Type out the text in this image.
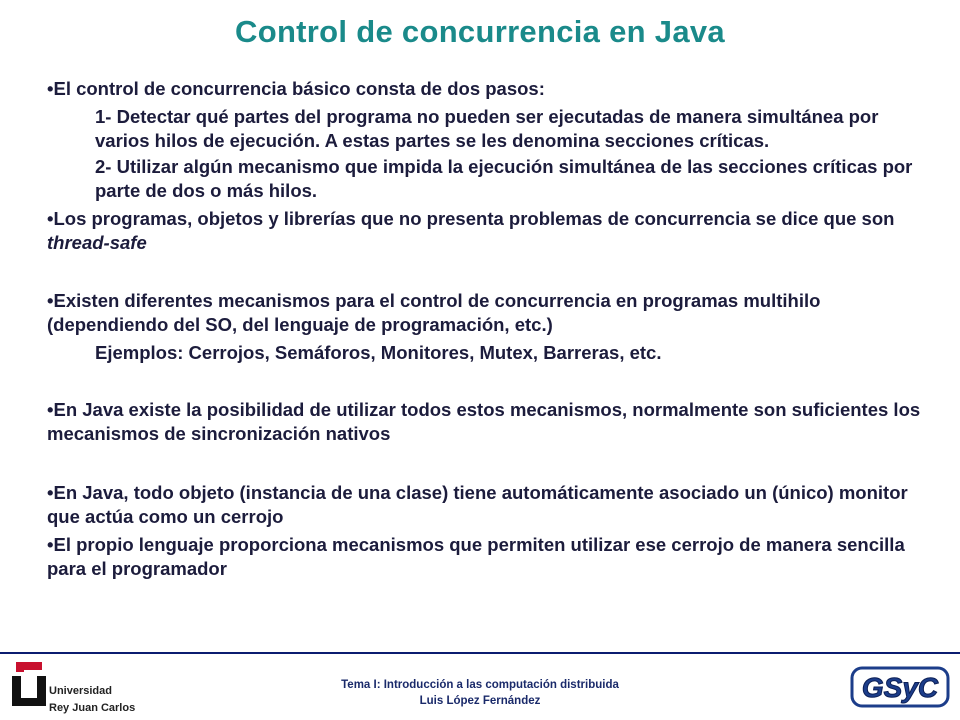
Control de concurrencia en Java
•El control de concurrencia básico consta de dos pasos:
1- Detectar qué partes del programa no pueden ser ejecutadas de manera simultánea por varios hilos de ejecución. A estas partes se les denomina secciones críticas.
2- Utilizar algún mecanismo que impida la ejecución simultánea de las secciones críticas por parte de dos o más hilos.
•Los programas, objetos y librerías que no presenta problemas de concurrencia se dice que son thread-safe
•Existen diferentes mecanismos para el control de concurrencia en programas multihilo (dependiendo del SO, del lenguaje de programación, etc.)
Ejemplos: Cerrojos, Semáforos, Monitores, Mutex, Barreras, etc.
•En Java existe la posibilidad de utilizar todos estos mecanismos, normalmente son suficientes los mecanismos de sincronización nativos
•En Java, todo objeto (instancia de una clase) tiene automáticamente asociado un (único) monitor que actúa como un cerrojo
•El propio lenguaje proporciona mecanismos que permiten utilizar ese cerrojo de manera sencilla para el programador
Universidad
Rey Juan Carlos
Tema I: Introducción a las computación distribuida
Luis López Fernández	GSyC
